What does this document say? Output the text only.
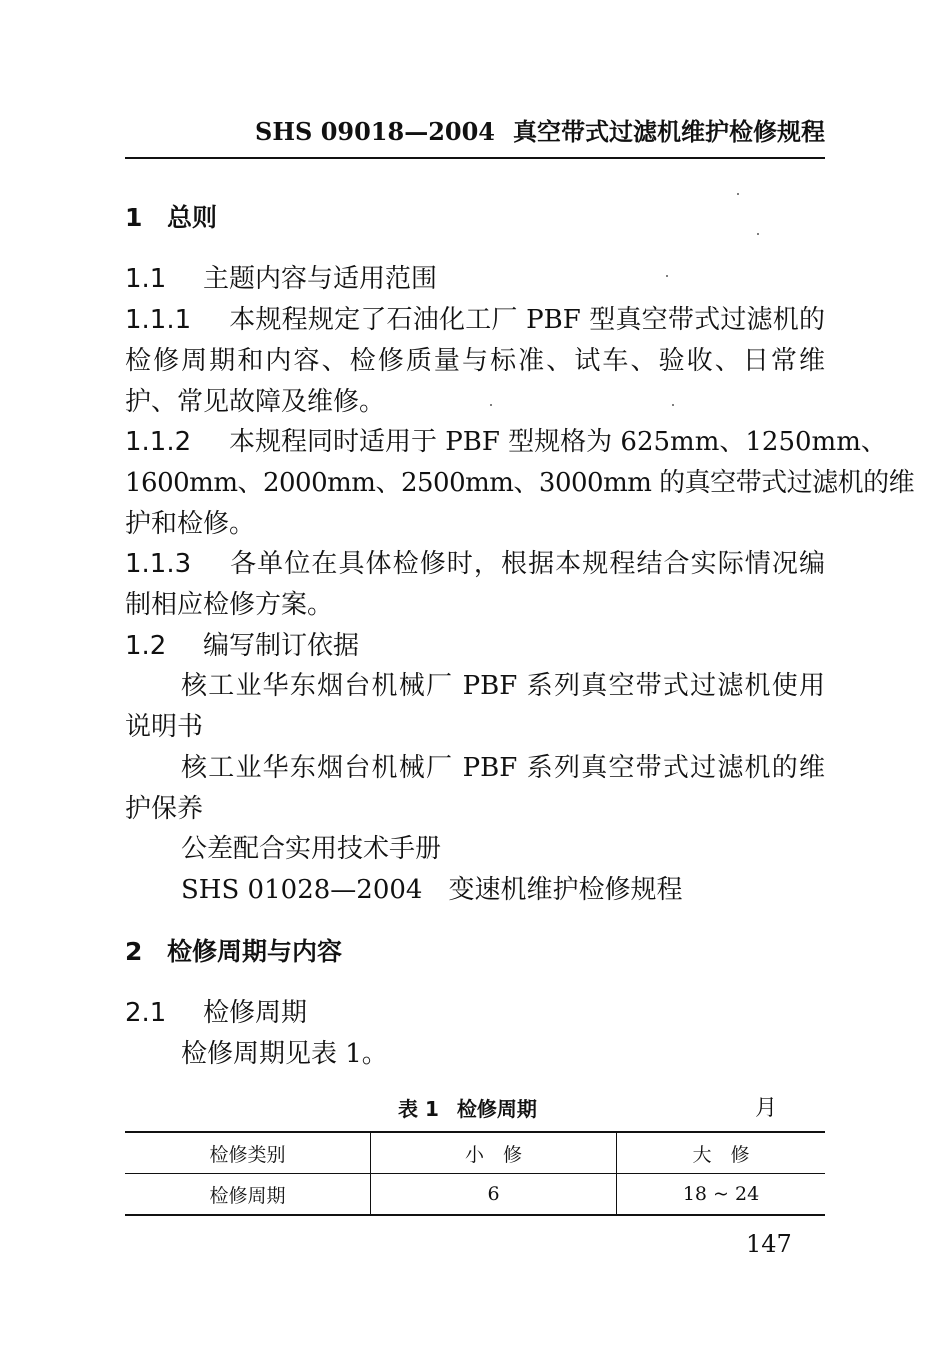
SHS 09018—2004 真空带式过滤机维护检修规程
1 总则
1.1 主题内容与适用范围
1.1.1 本规程规定了石油化工厂 PBF 型真空带式过滤机的
检修周期和内容、检修质量与标准、试车、验收、日常维
护、常见故障及维修。
1.1.2 本规程同时适用于 PBF 型规格为 625mm、1250mm、
1600mm、2000mm、2500mm、3000mm 的真空带式过滤机的维
护和检修。
1.1.3 各单位在具体检修时，根据本规程结合实际情况编
制相应检修方案。
1.2 编写制订依据
核工业华东烟台机械厂 PBF 系列真空带式过滤机使用
说明书
核工业华东烟台机械厂 PBF 系列真空带式过滤机的维
护保养
公差配合实用技术手册
SHS 01028—2004　变速机维护检修规程
2 检修周期与内容
2.1 检修周期
检修周期见表 1。
表 1 检修周期	月
检修类别	小　修	大　修
检修周期	6	18 ~ 24
147
